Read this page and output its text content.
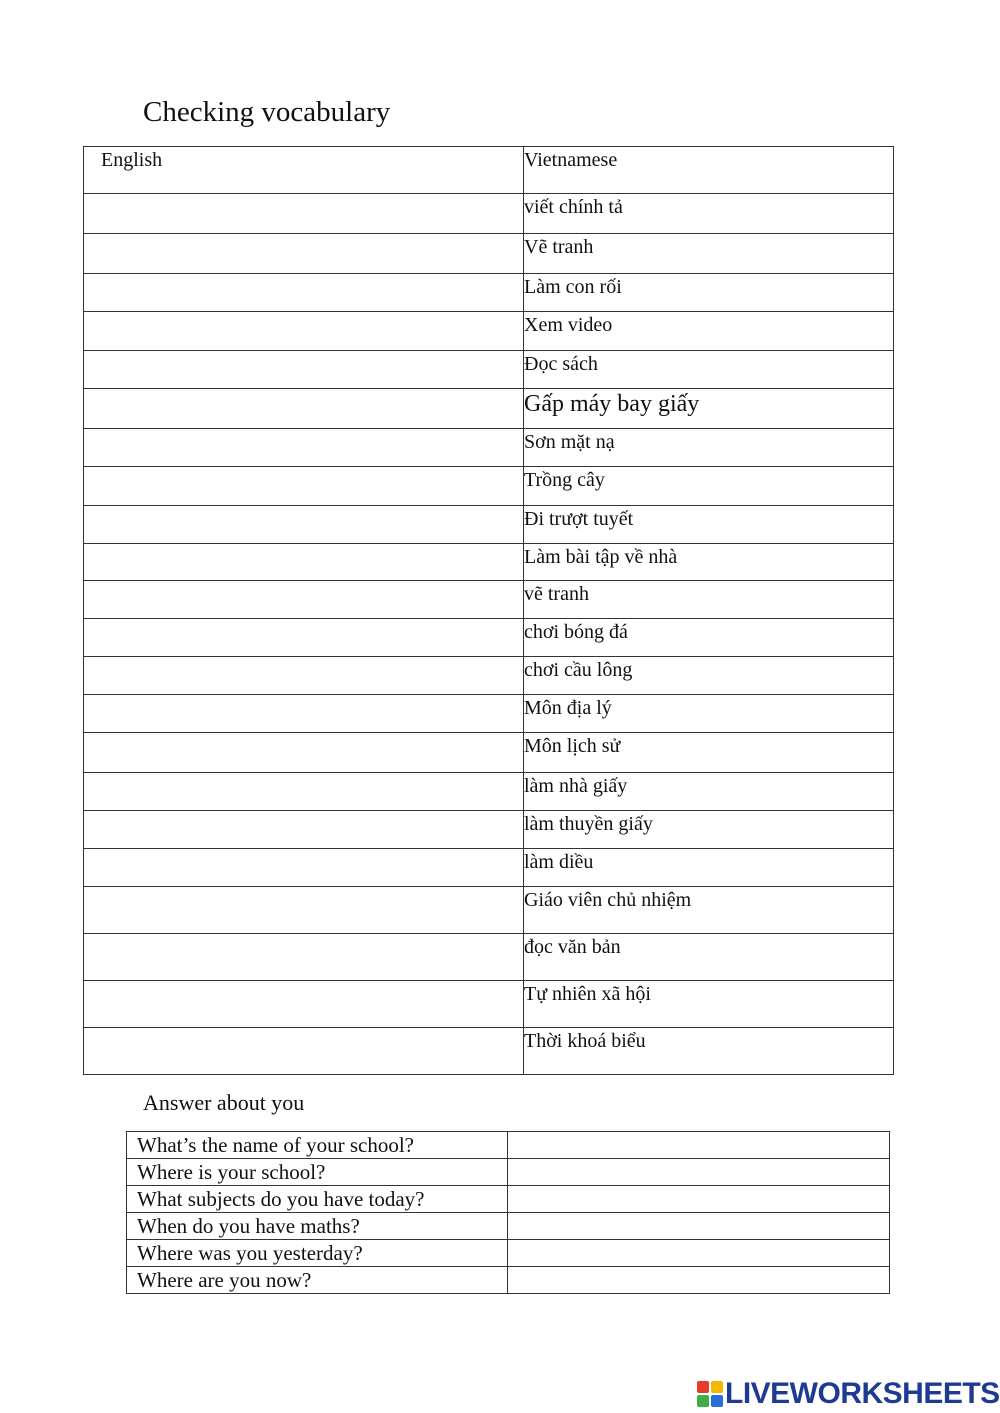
Checking vocabulary
English	Vietnamese
	viết chính tả
	Vẽ tranh
	Làm con rối
	Xem video
	Đọc sách
	Gấp máy bay giấy
	Sơn mặt nạ
	Trồng cây
	Đi trượt tuyết
	Làm bài tập về nhà
	vẽ tranh
	chơi bóng đá
	chơi cầu lông
	Môn địa lý
	Môn lịch sử
	làm nhà giấy
	làm thuyền giấy
	làm diều
	Giáo viên chủ nhiệm
	đọc văn bản
	Tự nhiên xã hội
	Thời khoá biểu
Answer about you
What’s the name of your school?	
Where is your school?	
What subjects do you have today?	
When do you have maths?	
Where was you yesterday?	
Where are you now?	
LIVEWORKSHEETS
